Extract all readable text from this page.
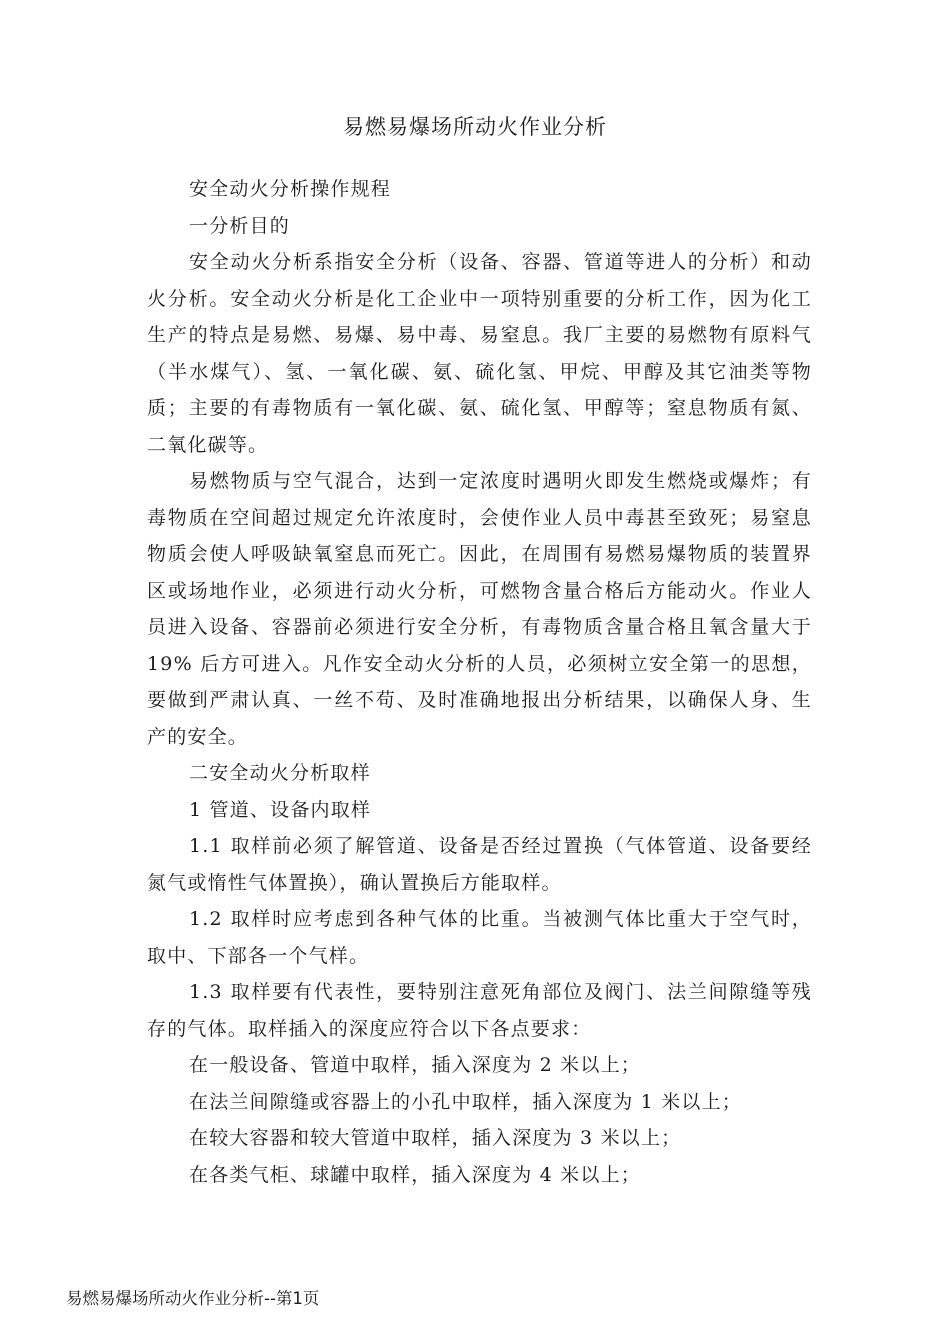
易燃易爆场所动火作业分析

安全动火分析操作规程

一分析目的

安全动火分析系指安全分析（设备、容器、管道等进人的分析）和动火分析。安全动火分析是化工企业中一项特别重要的分析工作，因为化工生产的特点是易燃、易爆、易中毒、易窒息。我厂主要的易燃物有原料气（半水煤气）、氢、一氧化碳、氨、硫化氢、甲烷、甲醇及其它油类等物质；主要的有毒物质有一氧化碳、氨、硫化氢、甲醇等；窒息物质有氮、二氧化碳等。

易燃物质与空气混合，达到一定浓度时遇明火即发生燃烧或爆炸；有毒物质在空间超过规定允许浓度时，会使作业人员中毒甚至致死；易窒息物质会使人呼吸缺氧窒息而死亡。因此，在周围有易燃易爆物质的装置界区或场地作业，必须进行动火分析，可燃物含量合格后方能动火。作业人员进入设备、容器前必须进行安全分析，有毒物质含量合格且氧含量大于 19% 后方可进入。凡作安全动火分析的人员，必须树立安全第一的思想，要做到严肃认真、一丝不苟、及时准确地报出分析结果，以确保人身、生产的安全。

二安全动火分析取样

1 管道、设备内取样

1.1 取样前必须了解管道、设备是否经过置换（气体管道、设备要经氮气或惰性气体置换），确认置换后方能取样。

1.2 取样时应考虑到各种气体的比重。当被测气体比重大于空气时，取中、下部各一个气样。

1.3 取样要有代表性，要特别注意死角部位及阀门、法兰间隙缝等残存的气体。取样插入的深度应符合以下各点要求：

在一般设备、管道中取样，插入深度为 2 米以上；

在法兰间隙缝或容器上的小孔中取样，插入深度为 1 米以上；

在较大容器和较大管道中取样，插入深度为 3 米以上；

在各类气柜、球罐中取样，插入深度为 4 米以上；

易燃易爆场所动火作业分析--第1页
